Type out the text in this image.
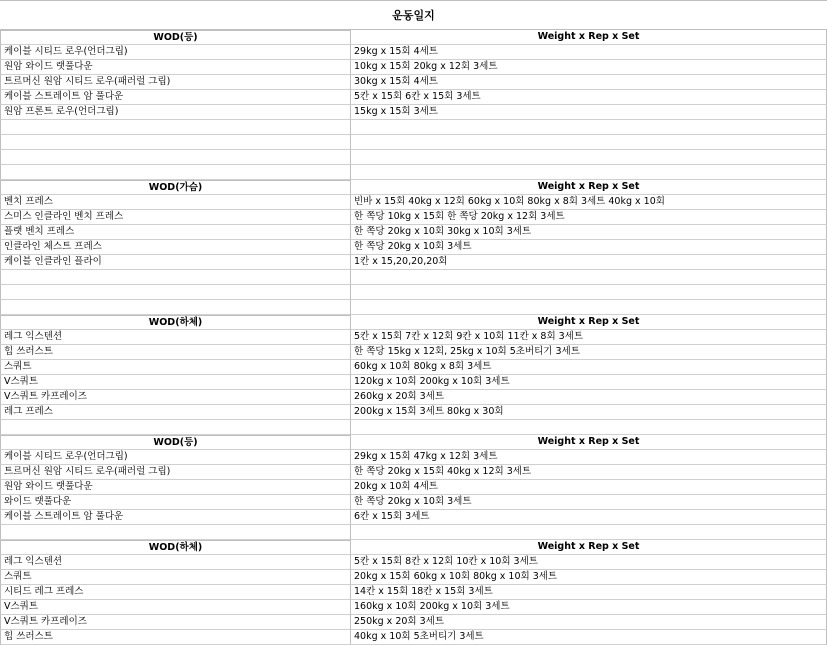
운동일지
WOD(등)	Weight x Rep x Set
케이블 시티드 로우(언더그립)	29kg x 15회 4세트
원암 와이드 랫풀다운	10kg x 15회 20kg x 12회 3세트
트르머신 원암 시티드 로우(패러럴 그립)	30kg x 15회 4세트
케이블 스트레이트 암 풀다운	5칸 x 15회 6칸 x 15회 3세트
원암 프론트 로우(언더그립)	15kg x 15회 3세트
WOD(가슴)	Weight x Rep x Set
벤치 프레스	빈바 x 15회 40kg x 12회 60kg x 10회 80kg x 8회 3세트 40kg x 10회
스미스 인클라인 벤치 프레스	한 쪽당 10kg x 15회 한 쪽당 20kg x 12회 3세트
플랫 벤치 프레스	한 쪽당 20kg x 10회 30kg x 10회 3세트
인클라인 체스트 프레스	한 쪽당 20kg x 10회 3세트
케이블 인클라인 플라이	1칸 x 15,20,20,20회
WOD(하체)	Weight x Rep x Set
레그 익스텐션	5칸 x 15회 7칸 x 12회 9칸 x 10회 11칸 x 8회 3세트
힙 쓰러스트	한 쪽당 15kg x 12회, 25kg x 10회 5초버티기 3세트
스쿼트	60kg x 10회 80kg x 8회 3세트
V스쿼트	120kg x 10회 200kg x 10회 3세트
V스쿼트 카프레이즈	260kg x 20회 3세트
레그 프레스	200kg x 15회 3세트 80kg x 30회
WOD(등)	Weight x Rep x Set
케이블 시티드 로우(언더그립)	29kg x 15회 47kg x 12회 3세트
트르머신 원암 시티드 로우(패러럴 그립)	한 쪽당 20kg x 15회 40kg x 12회 3세트
원암 와이드 랫풀다운	20kg x 10회 4세트
와이드 랫풀다운	한 쪽당 20kg x 10회 3세트
케이블 스트레이트 암 풀다운	6칸 x 15회 3세트
WOD(하체)	Weight x Rep x Set
레그 익스텐션	5칸 x 15회 8칸 x 12회 10칸 x 10회 3세트
스쿼트	20kg x 15회 60kg x 10회 80kg x 10회 3세트
시티드 레그 프레스	14칸 x 15회 18칸 x 15회 3세트
V스쿼트	160kg x 10회 200kg x 10회 3세트
V스쿼트 카프레이즈	250kg x 20회 3세트
힙 쓰러스트	40kg x 10회 5초버티기 3세트
